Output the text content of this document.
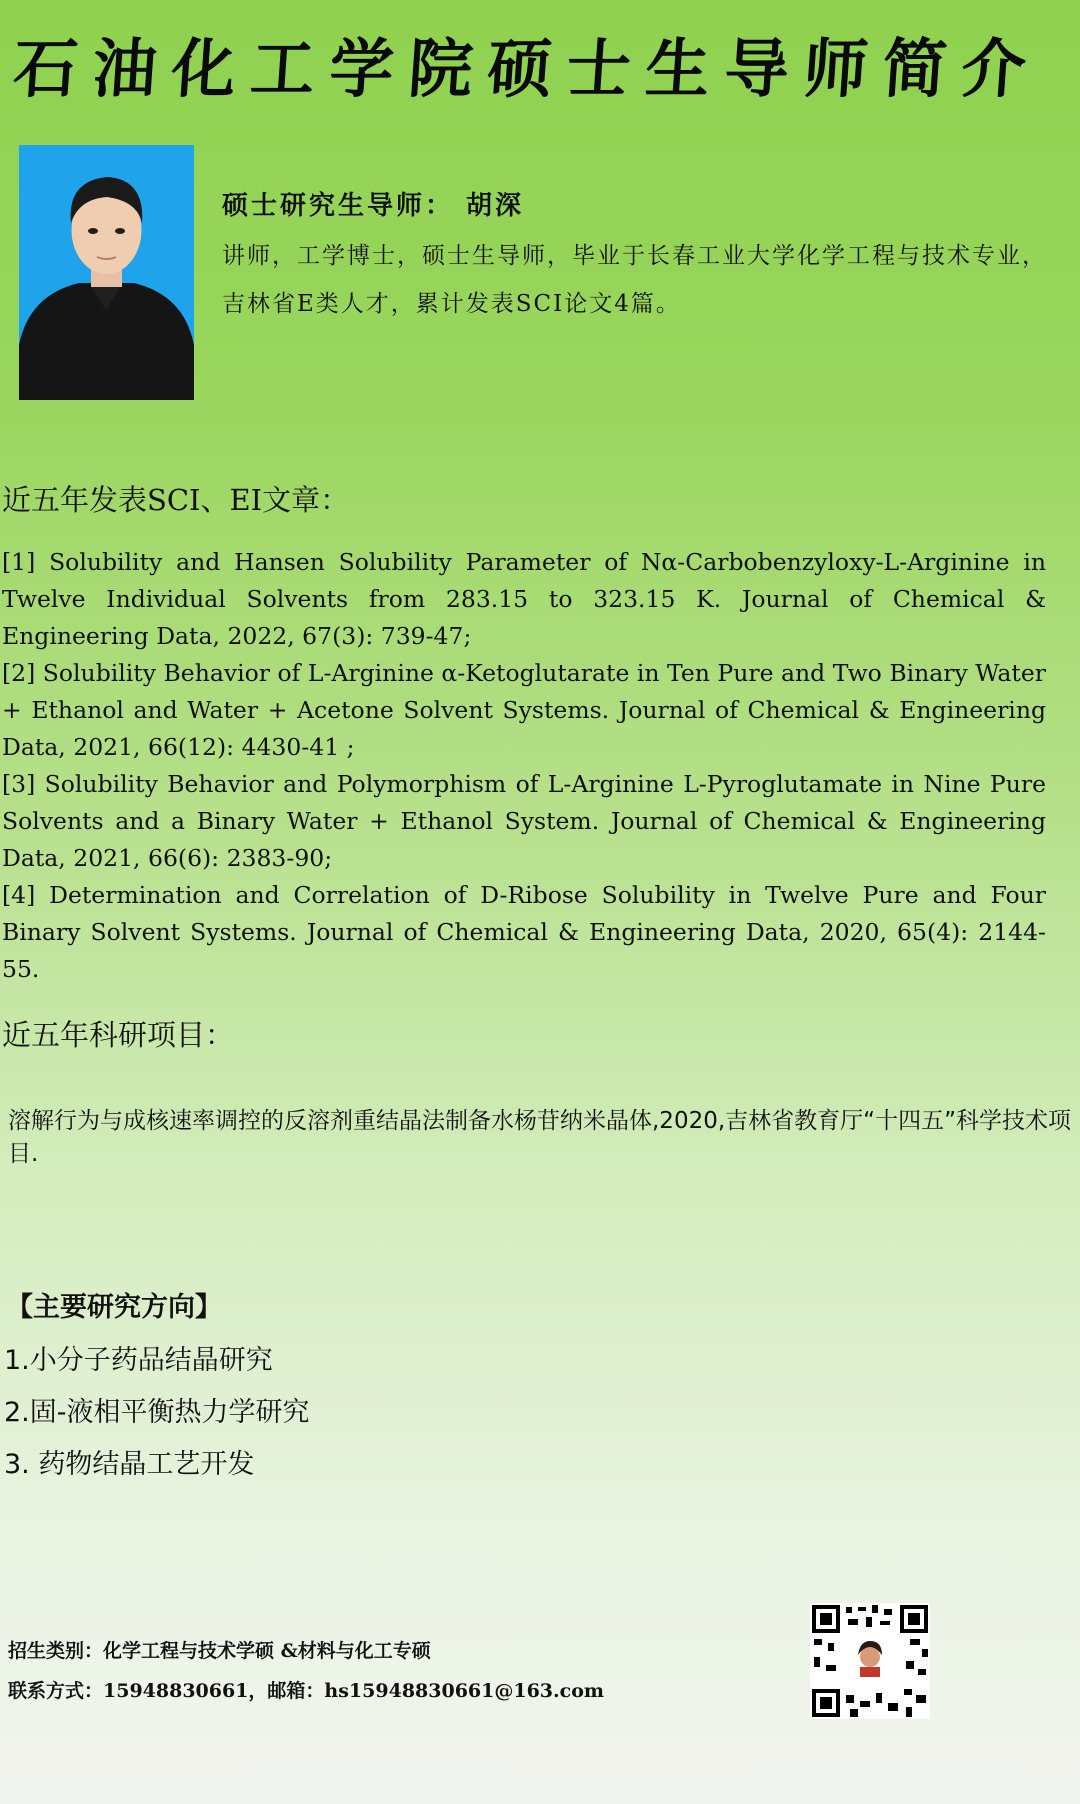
石油化工学院硕士生导师简介
硕士研究生导师： 胡深
讲师，工学博士，硕士生导师，毕业于长春工业大学化学工程与技术专业，吉林省E类人才，累计发表SCI论文4篇。
近五年发表SCI、EI文章：

[1] Solubility and Hansen Solubility Parameter of Nα-Carbobenzyloxy-L-Arginine in Twelve Individual Solvents from 283.15 to 323.15 K. Journal of Chemical & Engineering Data, 2022, 67(3): 739-47;

[2] Solubility Behavior of L-Arginine α-Ketoglutarate in Ten Pure and Two Binary Water + Ethanol and Water + Acetone Solvent Systems. Journal of Chemical & Engineering Data, 2021, 66(12): 4430-41 ;

[3] Solubility Behavior and Polymorphism of L-Arginine L-Pyroglutamate in Nine Pure Solvents and a Binary Water + Ethanol System. Journal of Chemical & Engineering Data, 2021, 66(6): 2383-90;

[4] Determination and Correlation of D-Ribose Solubility in Twelve Pure and Four Binary Solvent Systems. Journal of Chemical & Engineering Data, 2020, 65(4): 2144-55.

近五年科研项目：
溶解行为与成核速率调控的反溶剂重结晶法制备水杨苷纳米晶体,2020,吉林省教育厅“十四五”科学技术项目.
【主要研究方向】
1.小分子药品结晶研究
2.固-液相平衡热力学研究
3. 药物结晶工艺开发
招生类别：化学工程与技术学硕 &材料与化工专硕
联系方式：15948830661，邮箱：hs15948830661@163.com
